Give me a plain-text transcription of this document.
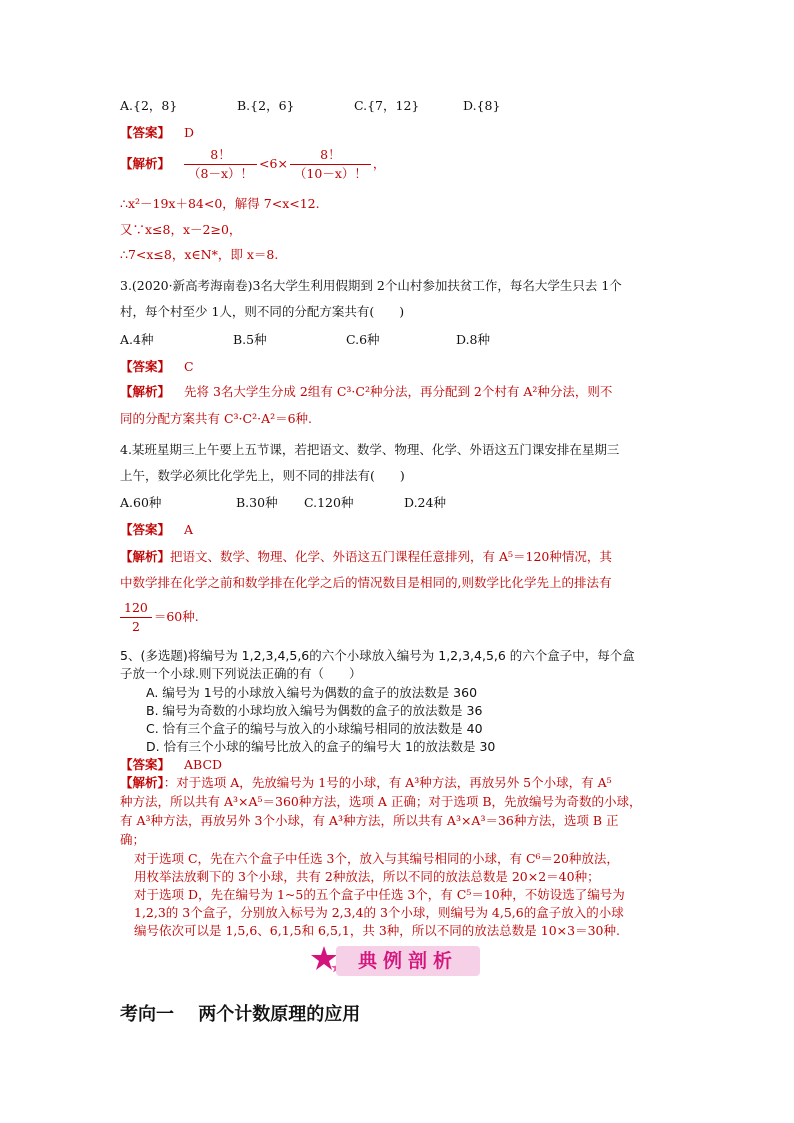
A.{2，8}	B.{2，6}	C.{7，12}	D.{8}
【答案】 D
【解析】 $\frac{8!}{(8-x)!} <6\times \frac{8!}{(10-x)!}$ ，
∴x²－19x＋84<0，解得 7<x<12.
又∵x≤8，x－2≥0，
∴7<x≤8，x∈N*，即 x＝8.
3.(2020·新高考海南卷)3名大学生利用假期到 2个山村参加扶贫工作，每名大学生只去 1个
村，每个村至少 1人，则不同的分配方案共有(　　)
A.4种	B.5种	C.6种	D.8种
【答案】 C
【解析】 先将 3名大学生分成 2组有 C³·C²种分法，再分配到 2个村有 A²种分法，则不
同的分配方案共有 C³·C²·A²＝6种.
4.某班星期三上午要上五节课，若把语文、数学、物理、化学、外语这五门课安排在星期三
上午，数学必须比化学先上，则不同的排法有(　　)
A.60种	B.30种 C.120种	D.24种
【答案】 A
【解析】把语文、数学、物理、化学、外语这五门课程任意排列，有 A⁵＝120种情况，其
中数学排在化学之前和数学排在化学之后的情况数目是相同的,则数学比化学先上的排法有
$\frac{120}{2} =60$种.
5、(多选题)将编号为 1,2,3,4,5,6的六个小球放入编号为 1,2,3,4,5,6 的六个盒子中，每个盒
子放一个小球.则下列说法正确的有（　　）
A. 编号为 1号的小球放入编号为偶数的盒子的放法数是 360
B. 编号为奇数的小球均放入编号为偶数的盒子的放法数是 36
C. 恰有三个盒子的编号与放入的小球编号相同的放法数是 40
D. 恰有三个小球的编号比放入的盒子的编号大 1的放法数是 30
【答案】 ABCD
【解析】：对于选项 A，先放编号为 1号的小球，有 A³种方法，再放另外 5个小球，有 A⁵
种方法，所以共有 A³×A⁵＝360种方法，选项 A 正确；对于选项 B，先放编号为奇数的小球，
有 A³种方法，再放另外 3个小球，有 A³种方法，所以共有 A³×A³＝36种方法，选项 B 正
确；
对于选项 C，先在六个盒子中任选 3个，放入与其编号相同的小球，有 C⁶＝20种放法，
用枚举法放剩下的 3个小球，共有 2种放法，所以不同的放法总数是 20×2＝40种；
对于选项 D，先在编号为 1~5的五个盒子中任选 3个，有 C⁵＝10种，不妨设选了编号为
1,2,3的 3个盒子，分别放入标号为 2,3,4的 3个小球，则编号为 4,5,6的盒子放入的小球
编号依次可以是 1,5,6、6,1,5和 6,5,1，共 3种，所以不同的放法总数是 10×3＝30种.
典例剖析
考向一　 两个计数原理的应用
